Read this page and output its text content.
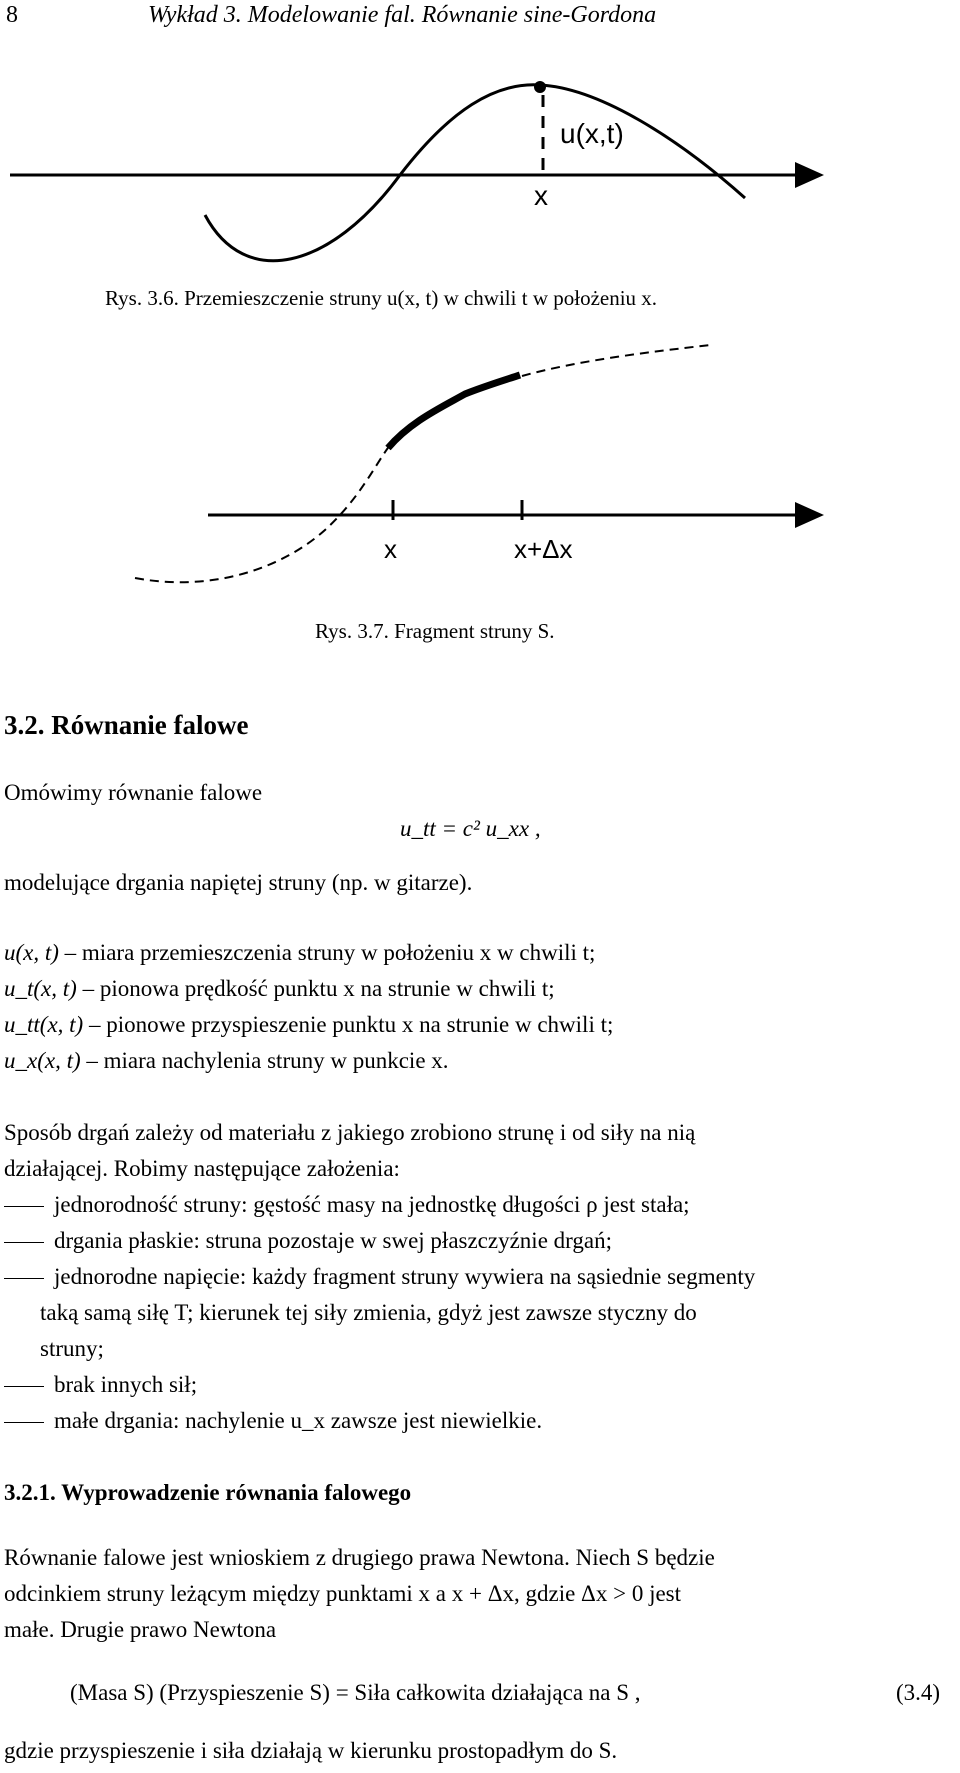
8	Wykład 3. Modelowanie fal. Równanie sine-Gordona
u(x,t)
x
Rys. 3.6. Przemieszczenie struny u(x, t) w chwili t w położeniu x.
x	x+Δx
Rys. 3.7. Fragment struny S.
3.2. Równanie falowe
Omówimy równanie falowe
u_tt = c² u_xx ,
modelujące drgania napiętej struny (np. w gitarze).
u(x, t) – miara przemieszczenia struny w położeniu x w chwili t;
u_t(x, t) – pionowa prędkość punktu x na strunie w chwili t;
u_tt(x, t) – pionowe przyspieszenie punktu x na strunie w chwili t;
u_x(x, t) – miara nachylenia struny w punkcie x.
Sposób drgań zależy od materiału z jakiego zrobiono strunę i od siły na nią
działającej. Robimy następujące założenia:
jednorodność struny: gęstość masy na jednostkę długości ρ jest stała;
drgania płaskie: struna pozostaje w swej płaszczyźnie drgań;
jednorodne napięcie: każdy fragment struny wywiera na sąsiednie segmenty
taką samą siłę T; kierunek tej siły zmienia, gdyż jest zawsze styczny do
struny;
brak innych sił;
małe drgania: nachylenie u_x zawsze jest niewielkie.
3.2.1. Wyprowadzenie równania falowego
Równanie falowe jest wnioskiem z drugiego prawa Newtona. Niech S będzie
odcinkiem struny leżącym między punktami x a x + Δx, gdzie Δx > 0 jest
małe. Drugie prawo Newtona
(Masa S) (Przyspieszenie S) = Siła całkowita działająca na S ,	(3.4)
gdzie przyspieszenie i siła działają w kierunku prostopadłym do S.
